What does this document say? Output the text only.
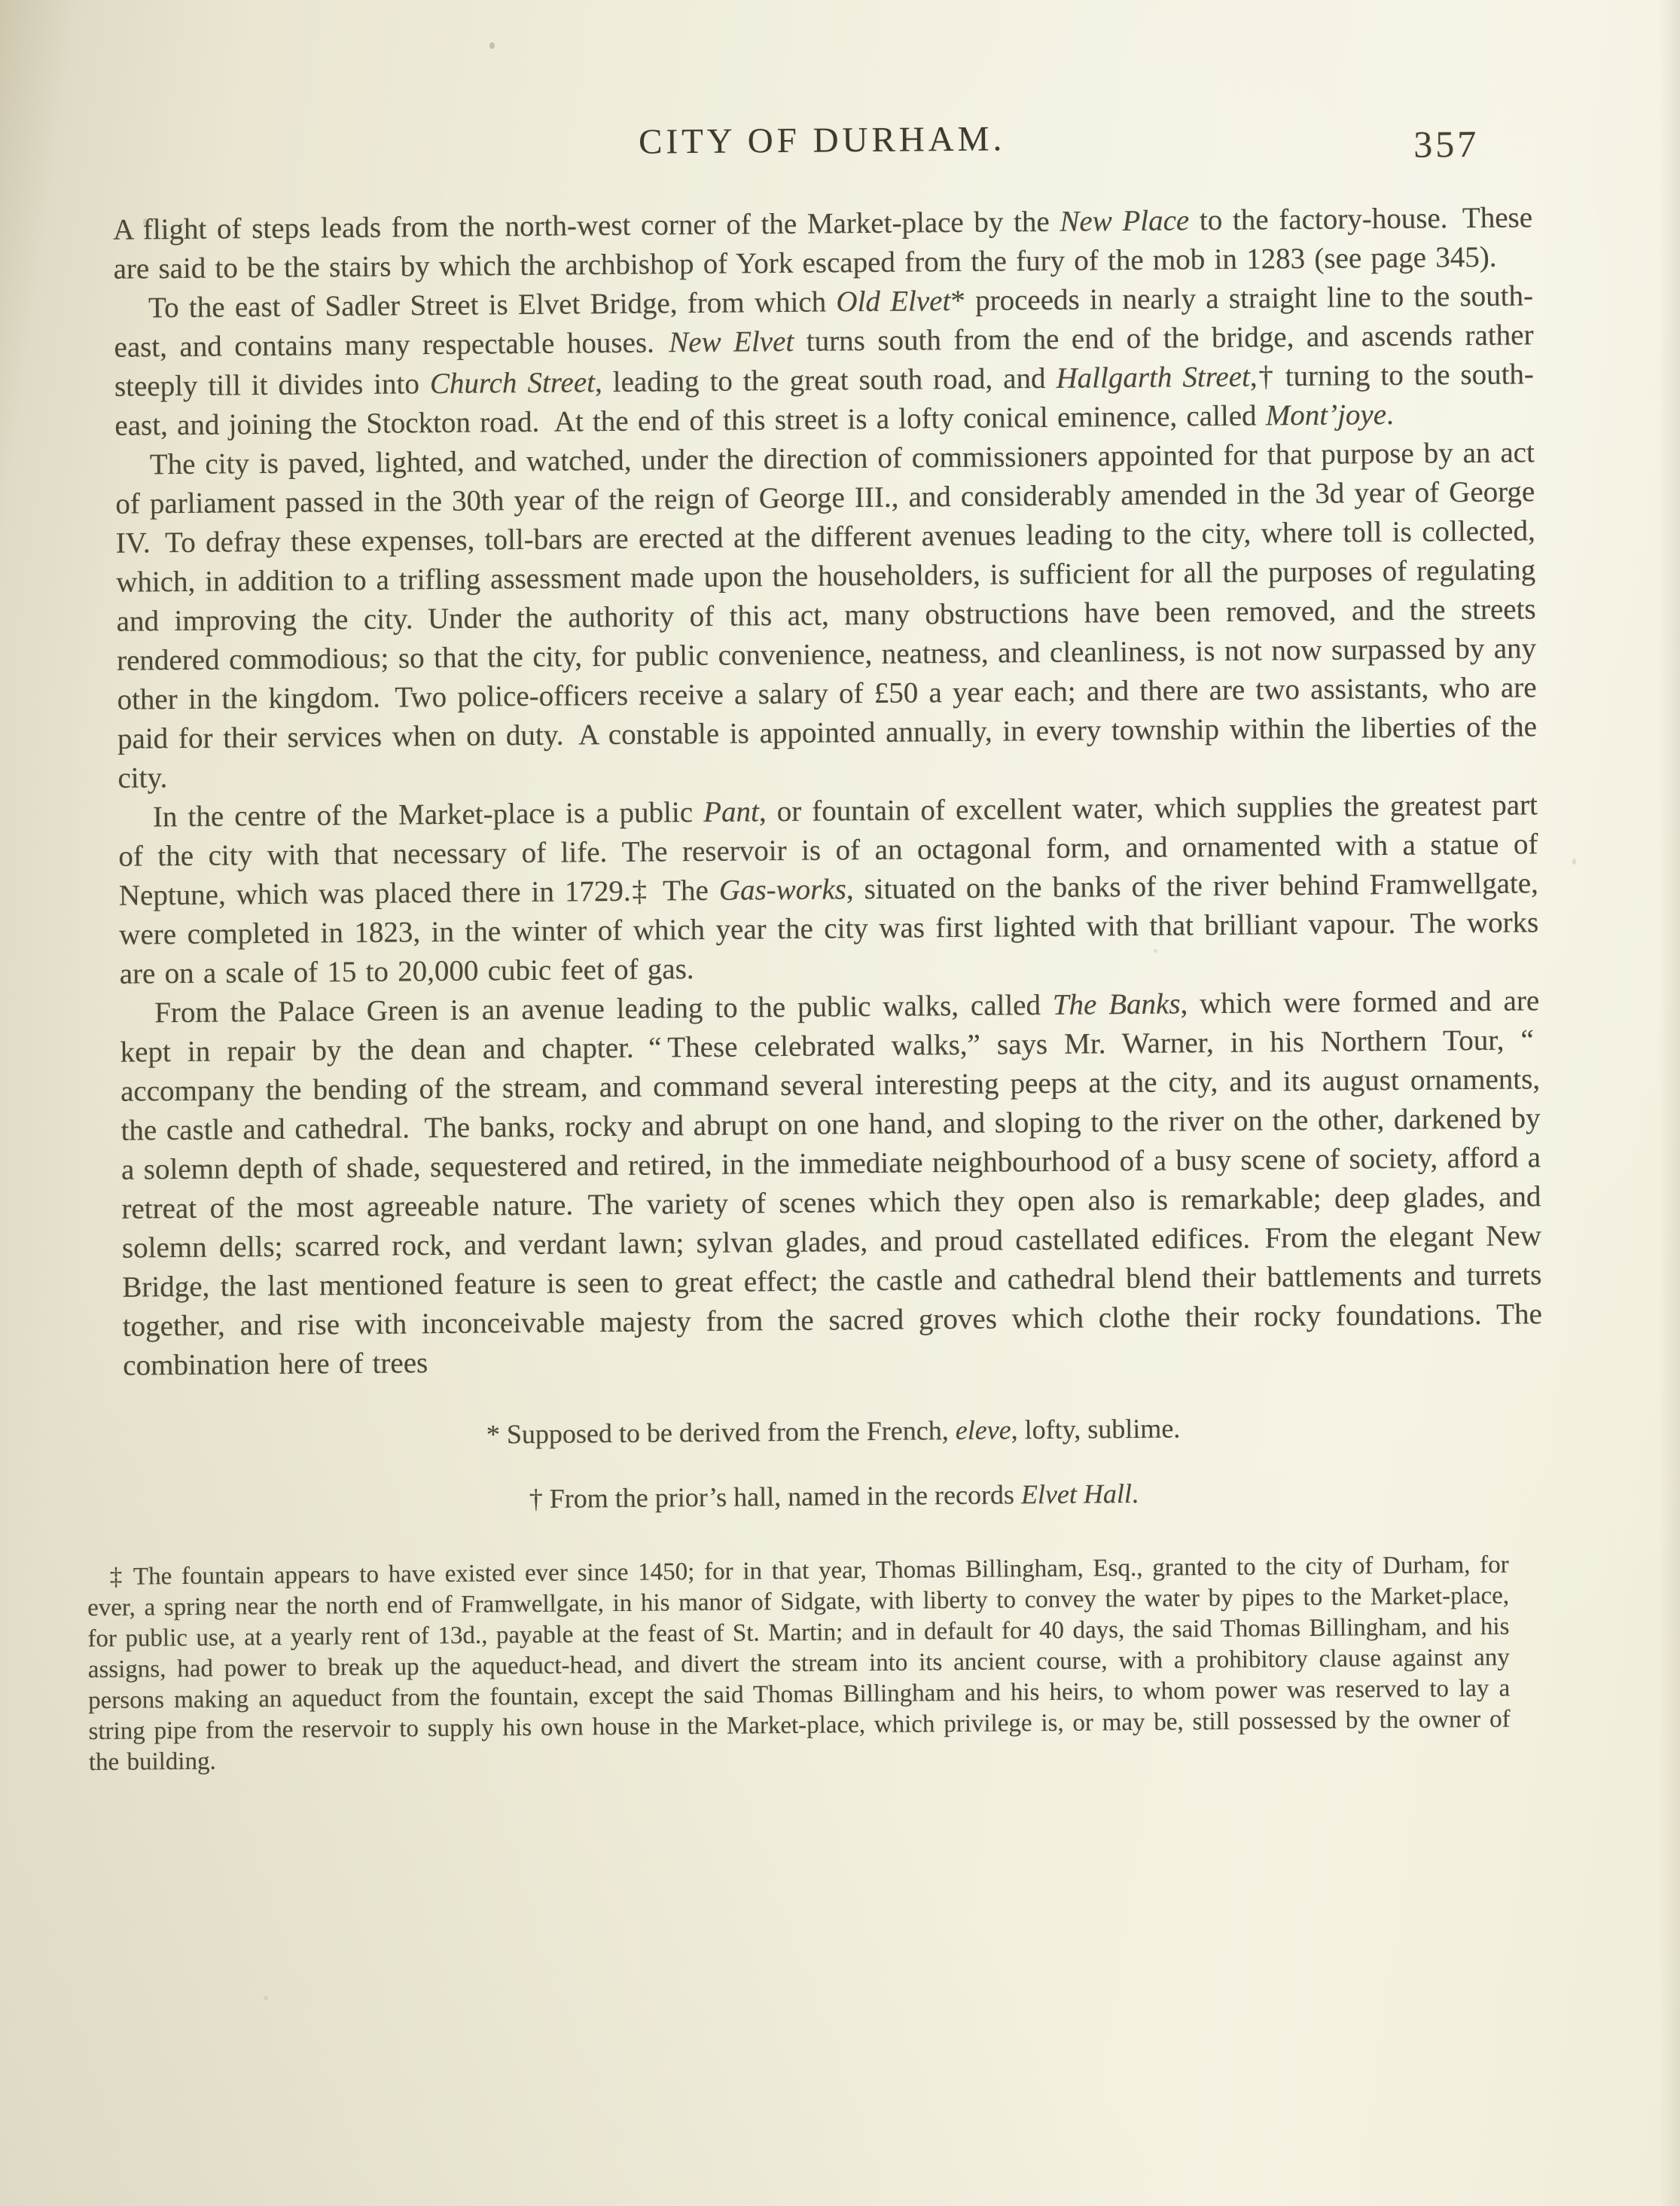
CITY OF DURHAM.	357

A flight of steps leads from the north-west corner of the Market-place by the New Place to the factory-house. These are said to be the stairs by which the archbishop of York escaped from the fury of the mob in 1283 (see page 345).

To the east of Sadler Street is Elvet Bridge, from which Old Elvet* proceeds in nearly a straight line to the south-east, and contains many respectable houses. New Elvet turns south from the end of the bridge, and ascends rather steeply till it divides into Church Street, leading to the great south road, and Hallgarth Street,† turning to the south-east, and joining the Stockton road. At the end of this street is a lofty conical eminence, called Mont’joye.

The city is paved, lighted, and watched, under the direction of commissioners appointed for that purpose by an act of parliament passed in the 30th year of the reign of George III., and considerably amended in the 3d year of George IV. To defray these expenses, toll-bars are erected at the different avenues leading to the city, where toll is collected, which, in addition to a trifling assessment made upon the householders, is sufficient for all the purposes of regulating and improving the city. Under the authority of this act, many obstructions have been removed, and the streets rendered commodious; so that the city, for public convenience, neatness, and cleanliness, is not now surpassed by any other in the kingdom. Two police-officers receive a salary of £50 a year each; and there are two assistants, who are paid for their services when on duty. A constable is appointed annually, in every township within the liberties of the city.

In the centre of the Market-place is a public Pant, or fountain of excellent water, which supplies the greatest part of the city with that necessary of life. The reservoir is of an octagonal form, and ornamented with a statue of Neptune, which was placed there in 1729.‡ The Gas-works, situated on the banks of the river behind Framwellgate, were completed in 1823, in the winter of which year the city was first lighted with that brilliant vapour. The works are on a scale of 15 to 20,000 cubic feet of gas.

From the Palace Green is an avenue leading to the public walks, called The Banks, which were formed and are kept in repair by the dean and chapter. “ These celebrated walks,” says Mr. Warner, in his Northern Tour, “ accompany the bending of the stream, and command several interesting peeps at the city, and its august ornaments, the castle and cathedral. The banks, rocky and abrupt on one hand, and sloping to the river on the other, darkened by a solemn depth of shade, sequestered and retired, in the immediate neighbourhood of a busy scene of society, afford a retreat of the most agreeable nature. The variety of scenes which they open also is remarkable; deep glades, and solemn dells; scarred rock, and verdant lawn; sylvan glades, and proud castellated edifices. From the elegant New Bridge, the last mentioned feature is seen to great effect; the castle and cathedral blend their battlements and turrets together, and rise with inconceivable majesty from the sacred groves which clothe their rocky foundations. The combination here of trees

* Supposed to be derived from the French, eleve, lofty, sublime.

† From the prior’s hall, named in the records Elvet Hall.

‡ The fountain appears to have existed ever since 1450; for in that year, Thomas Billingham, Esq., granted to the city of Durham, for ever, a spring near the north end of Framwellgate, in his manor of Sidgate, with liberty to convey the water by pipes to the Market-place, for public use, at a yearly rent of 13d., payable at the feast of St. Martin; and in default for 40 days, the said Thomas Billingham, and his assigns, had power to break up the aqueduct-head, and divert the stream into its ancient course, with a prohibitory clause against any persons making an aqueduct from the fountain, except the said Thomas Billingham and his heirs, to whom power was reserved to lay a string pipe from the reservoir to supply his own house in the Market-place, which privilege is, or may be, still possessed by the owner of the building.
